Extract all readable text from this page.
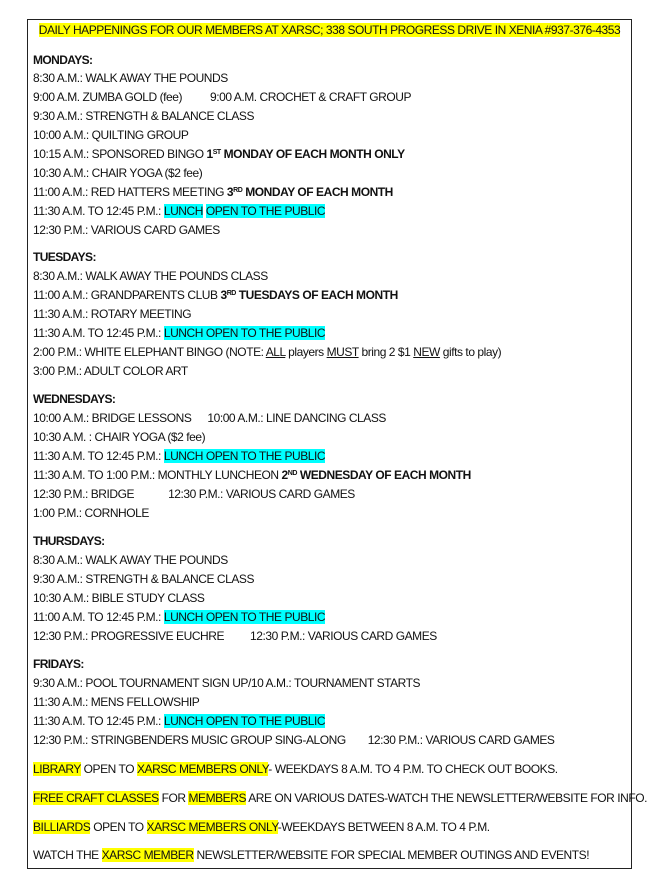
DAILY HAPPENINGS FOR OUR MEMBERS AT XARSC; 338 SOUTH PROGRESS DRIVE IN XENIA #937-376-4353
MONDAYS:
8:30 A.M.: WALK AWAY THE POUNDS
9:00 A.M. ZUMBA GOLD (fee) 9:00 A.M. CROCHET & CRAFT GROUP
9:30 A.M.: STRENGTH & BALANCE CLASS
10:00 A.M.: QUILTING GROUP
10:15 A.M.: SPONSORED BINGO 1ST MONDAY OF EACH MONTH ONLY
10:30 A.M.: CHAIR YOGA ($2 fee)
11:00 A.M.: RED HATTERS MEETING 3RD MONDAY OF EACH MONTH
11:30 A.M. TO 12:45 P.M.: LUNCH OPEN TO THE PUBLIC
12:30 P.M.: VARIOUS CARD GAMES
TUESDAYS:
8:30 A.M.: WALK AWAY THE POUNDS CLASS
11:00 A.M.: GRANDPARENTS CLUB 3RD TUESDAYS OF EACH MONTH
11:30 A.M.: ROTARY MEETING
11:30 A.M. TO 12:45 P.M.: LUNCH OPEN TO THE PUBLIC
2:00 P.M.: WHITE ELEPHANT BINGO (NOTE: ALL players MUST bring 2 $1 NEW gifts to play)
3:00 P.M.: ADULT COLOR ART
WEDNESDAYS:
10:00 A.M.: BRIDGE LESSONS 10:00 A.M.: LINE DANCING CLASS
10:30 A.M. : CHAIR YOGA ($2 fee)
11:30 A.M. TO 12:45 P.M.: LUNCH OPEN TO THE PUBLIC
11:30 A.M. TO 1:00 P.M.: MONTHLY LUNCHEON 2ND WEDNESDAY OF EACH MONTH
12:30 P.M.: BRIDGE	12:30 P.M.: VARIOUS CARD GAMES
1:00 P.M.: CORNHOLE
THURSDAYS:
8:30 A.M.: WALK AWAY THE POUNDS
9:30 A.M.: STRENGTH & BALANCE CLASS
10:30 A.M.: BIBLE STUDY CLASS
11:00 A.M. TO 12:45 P.M.: LUNCH OPEN TO THE PUBLIC
12:30 P.M.: PROGRESSIVE EUCHRE 12:30 P.M.: VARIOUS CARD GAMES
FRIDAYS:
9:30 A.M.: POOL TOURNAMENT SIGN UP/10 A.M.: TOURNAMENT STARTS
11:30 A.M.: MENS FELLOWSHIP
11:30 A.M. TO 12:45 P.M.: LUNCH OPEN TO THE PUBLIC
12:30 P.M.: STRINGBENDERS MUSIC GROUP SING-ALONG 12:30 P.M.: VARIOUS CARD GAMES
LIBRARY OPEN TO XARSC MEMBERS ONLY- WEEKDAYS 8 A.M. TO 4 P.M. TO CHECK OUT BOOKS.
FREE CRAFT CLASSES FOR MEMBERS ARE ON VARIOUS DATES-WATCH THE NEWSLETTER/WEBSITE FOR INFO.
BILLIARDS OPEN TO XARSC MEMBERS ONLY-WEEKDAYS BETWEEN 8 A.M. TO 4 P.M.
WATCH THE XARSC MEMBER NEWSLETTER/WEBSITE FOR SPECIAL MEMBER OUTINGS AND EVENTS!
